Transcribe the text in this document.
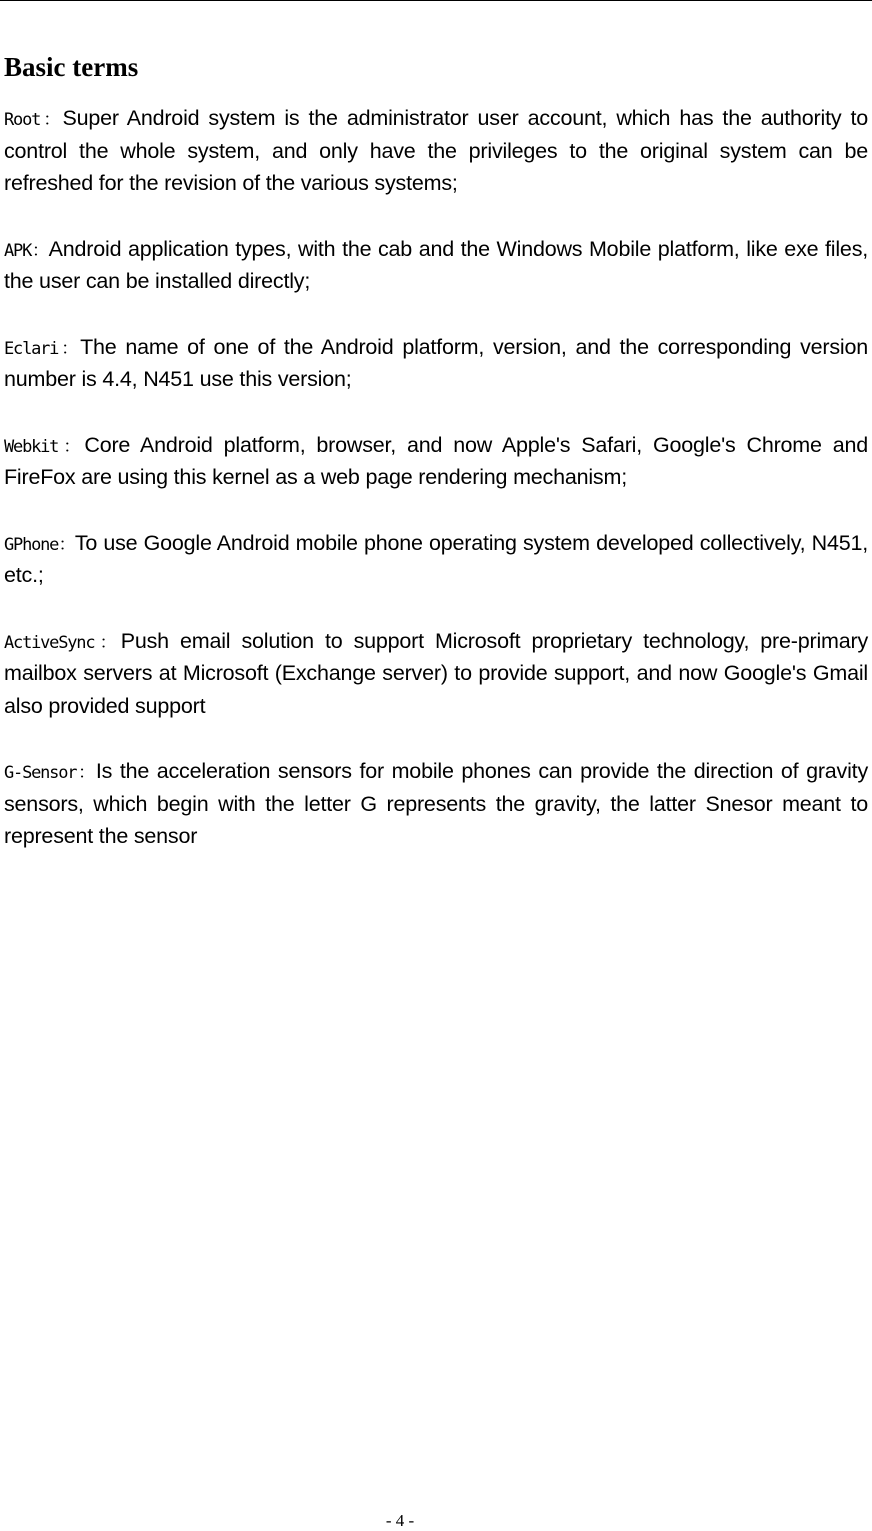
Basic terms

Root：Super Android system is the administrator user account, which has the authority to control the whole system, and only have the privileges to the original system can be refreshed for the revision of the various systems;

APK：Android application types, with the cab and the Windows Mobile platform, like exe files, the user can be installed directly;

Eclari：The name of one of the Android platform, version, and the corresponding version number is 4.4, N451 use this version;

Webkit：Core Android platform, browser, and now Apple's Safari, Google's Chrome and FireFox are using this kernel as a web page rendering mechanism;

GPhone：To use Google Android mobile phone operating system developed collectively, N451, etc.;

ActiveSync：Push email solution to support Microsoft proprietary technology, pre-primary mailbox servers at Microsoft (Exchange server) to provide support, and now Google's Gmail also provided support

G-Sensor：Is the acceleration sensors for mobile phones can provide the direction of gravity sensors, which begin with the letter G represents the gravity, the latter Snesor meant to represent the sensor

- 4 -
